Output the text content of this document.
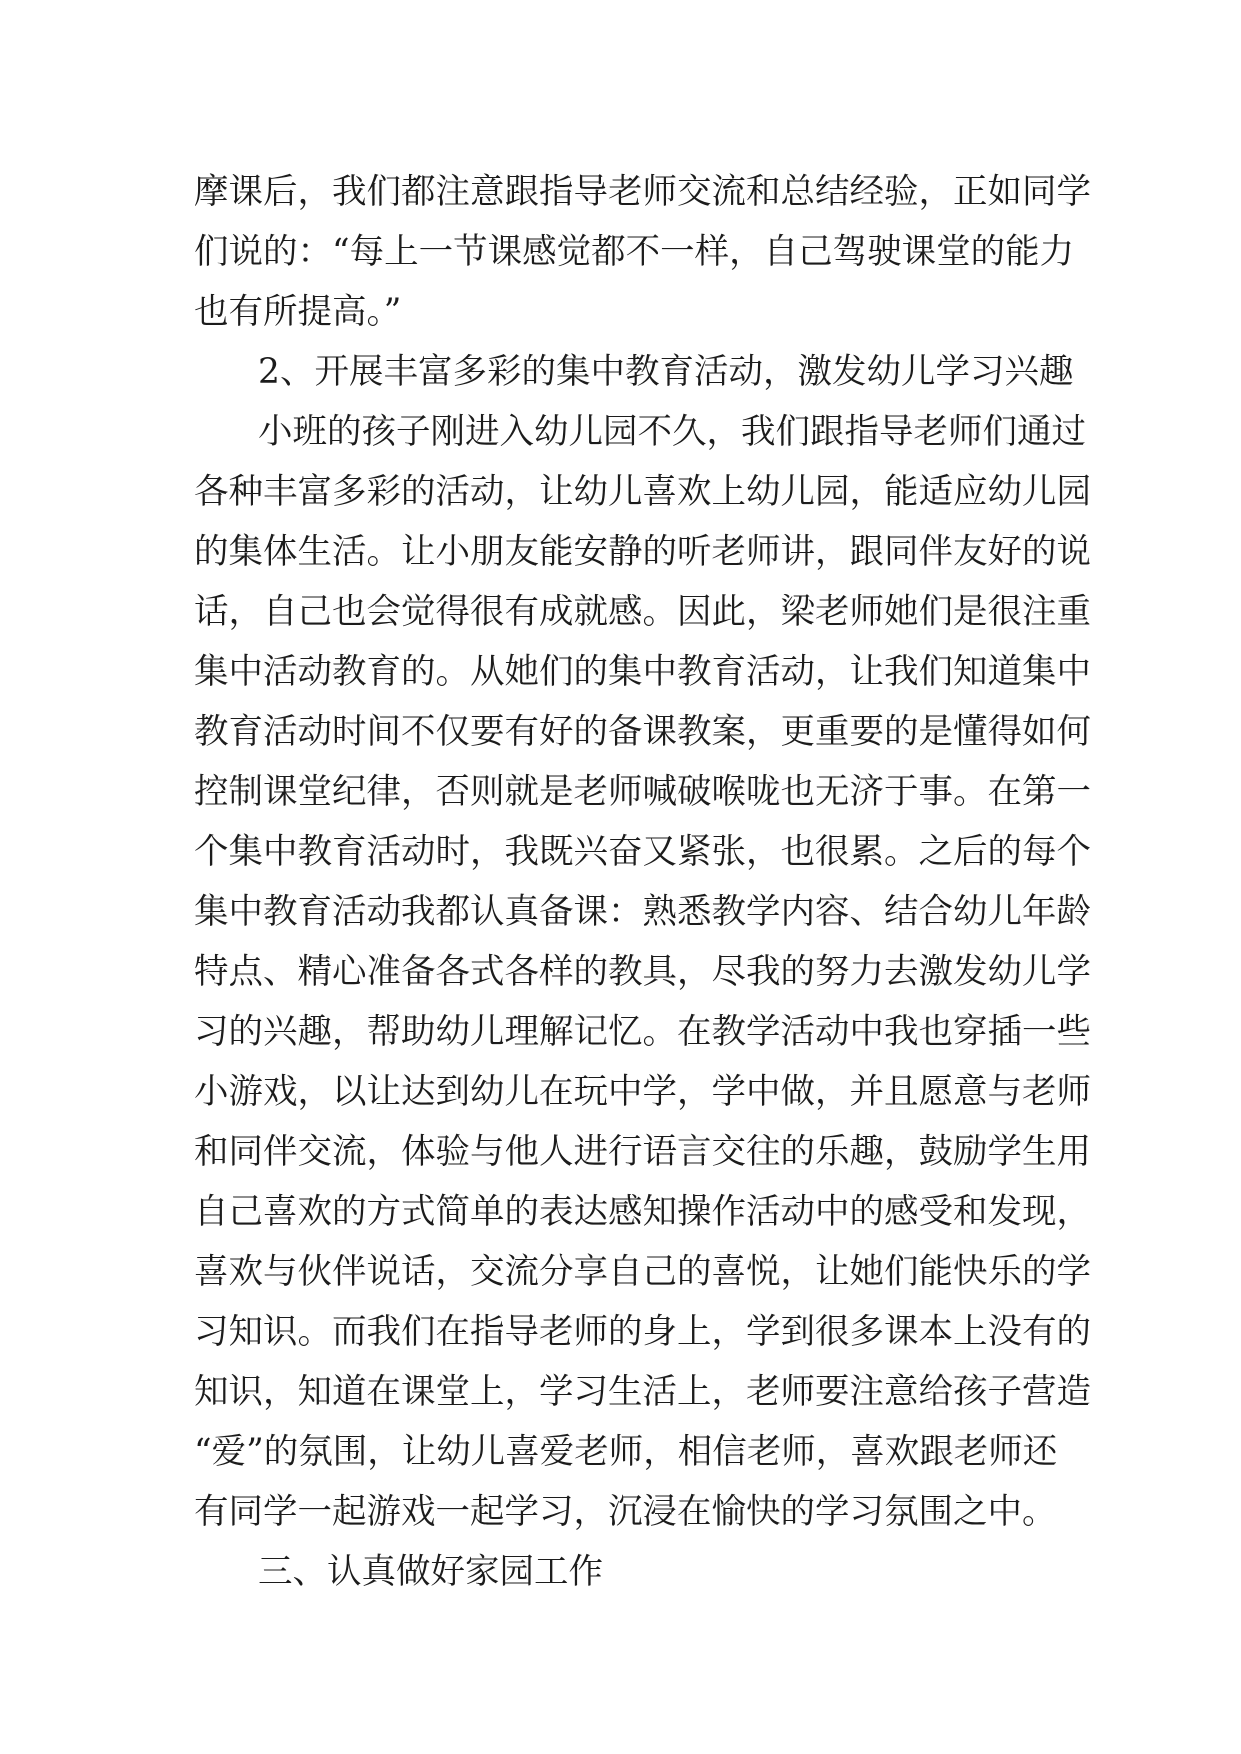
摩课后，我们都注意跟指导老师交流和总结经验，正如同学
们说的：“每上一节课感觉都不一样，自己驾驶课堂的能力
也有所提高。”
2、开展丰富多彩的集中教育活动，激发幼儿学习兴趣
小班的孩子刚进入幼儿园不久，我们跟指导老师们通过
各种丰富多彩的活动，让幼儿喜欢上幼儿园，能适应幼儿园
的集体生活。让小朋友能安静的听老师讲，跟同伴友好的说
话，自己也会觉得很有成就感。因此，梁老师她们是很注重
集中活动教育的。从她们的集中教育活动，让我们知道集中
教育活动时间不仅要有好的备课教案，更重要的是懂得如何
控制课堂纪律，否则就是老师喊破喉咙也无济于事。在第一
个集中教育活动时，我既兴奋又紧张，也很累。之后的每个
集中教育活动我都认真备课：熟悉教学内容、结合幼儿年龄
特点、精心准备各式各样的教具，尽我的努力去激发幼儿学
习的兴趣，帮助幼儿理解记忆。在教学活动中我也穿插一些
小游戏，以让达到幼儿在玩中学，学中做，并且愿意与老师
和同伴交流，体验与他人进行语言交往的乐趣，鼓励学生用
自己喜欢的方式简单的表达感知操作活动中的感受和发现，
喜欢与伙伴说话，交流分享自己的喜悦，让她们能快乐的学
习知识。而我们在指导老师的身上，学到很多课本上没有的
知识，知道在课堂上，学习生活上，老师要注意给孩子营造
“爱”的氛围，让幼儿喜爱老师，相信老师，喜欢跟老师还
有同学一起游戏一起学习，沉浸在愉快的学习氛围之中。
三、认真做好家园工作
